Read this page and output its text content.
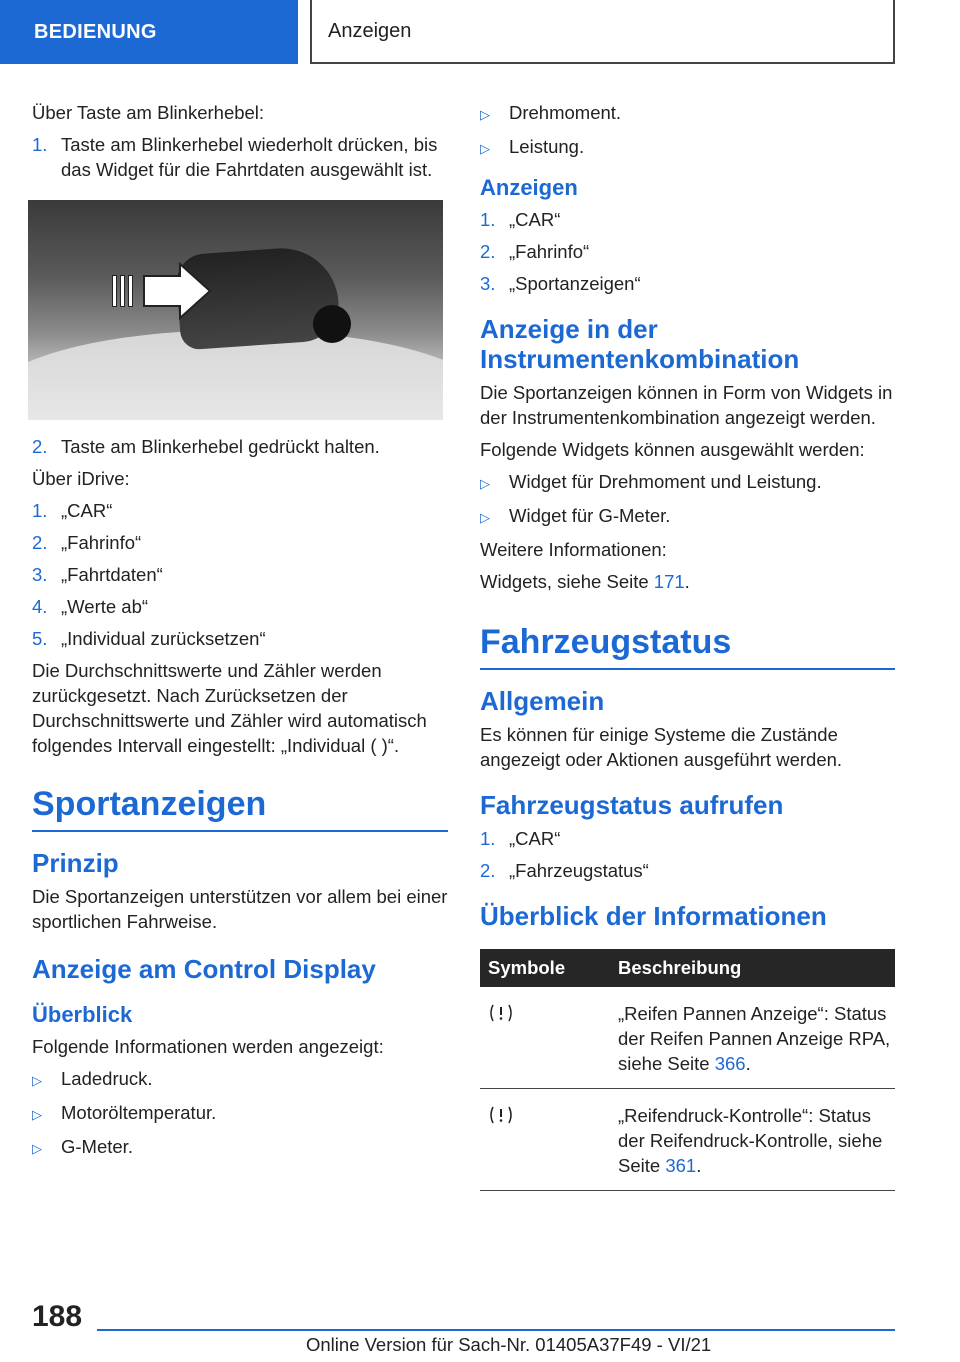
BEDIENUNG	Anzeigen

Über Taste am Blinkerhebel:

1. Taste am Blinkerhebel wiederholt drücken, bis das Widget für die Fahrtdaten ausgewählt ist.
2. Taste am Blinkerhebel gedrückt halten.

Über iDrive:

1. „CAR“
2. „Fahrinfo“
3. „Fahrtdaten“
4. „Werte ab“
5. „Individual zurücksetzen“

Die Durchschnittswerte und Zähler werden zurückgesetzt. Nach Zurücksetzen der Durchschnittswerte und Zähler wird automatisch folgendes Intervall eingestellt: „Individual ( )“.

Sportanzeigen
Prinzip

Die Sportanzeigen unterstützen vor allem bei einer sportlichen Fahrweise.

Anzeige am Control Display
Überblick

Folgende Informationen werden angezeigt:

▷	Ladedruck.
▷	Motoröltemperatur.
▷	G-Meter.
▷	Drehmoment.
▷	Leistung.
Anzeigen
1. „CAR“
2. „Fahrinfo“
3. „Sportanzeigen“
Anzeige in der Instrumentenkombination

Die Sportanzeigen können in Form von Widgets in der Instrumentenkombination angezeigt werden.

Folgende Widgets können ausgewählt werden:

▷	Widget für Drehmoment und Leistung.
▷	Widget für G-Meter.

Weitere Informationen:

Widgets, siehe Seite 171.

Fahrzeugstatus
Allgemein

Es können für einige Systeme die Zustände angezeigt oder Aktionen ausgeführt werden.

Fahrzeugstatus aufrufen
1. „CAR“
2. „Fahrzeugstatus“
Überblick der Informationen
Symbole	Beschreibung
	„Reifen Pannen Anzeige“: Status der Reifen Pannen Anzeige RPA, siehe Seite 366.
	„Reifendruck-Kontrolle“: Status der Reifendruck-Kontrolle, siehe Seite 361.
188
Online Version für Sach-Nr. 01405A37F49 - VI/21
